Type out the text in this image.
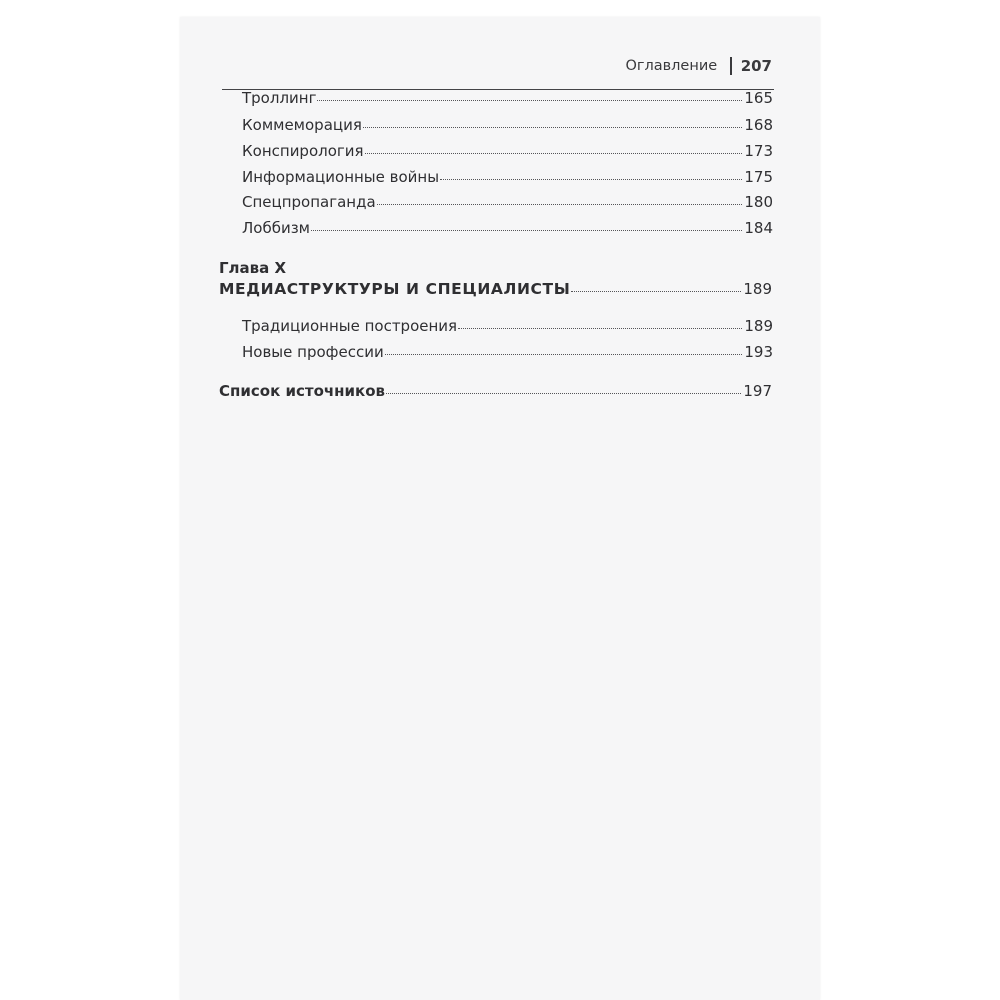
Оглавление 207
Троллинг	165
Коммеморация	168
Конспирология	173
Информационные войны	175
Спецпропаганда	180
Лоббизм	184
Глава X
МЕДИАСТРУКТУРЫ И СПЕЦИАЛИСТЫ	189
Традиционные построения	189
Новые профессии	193
Список источников	197
